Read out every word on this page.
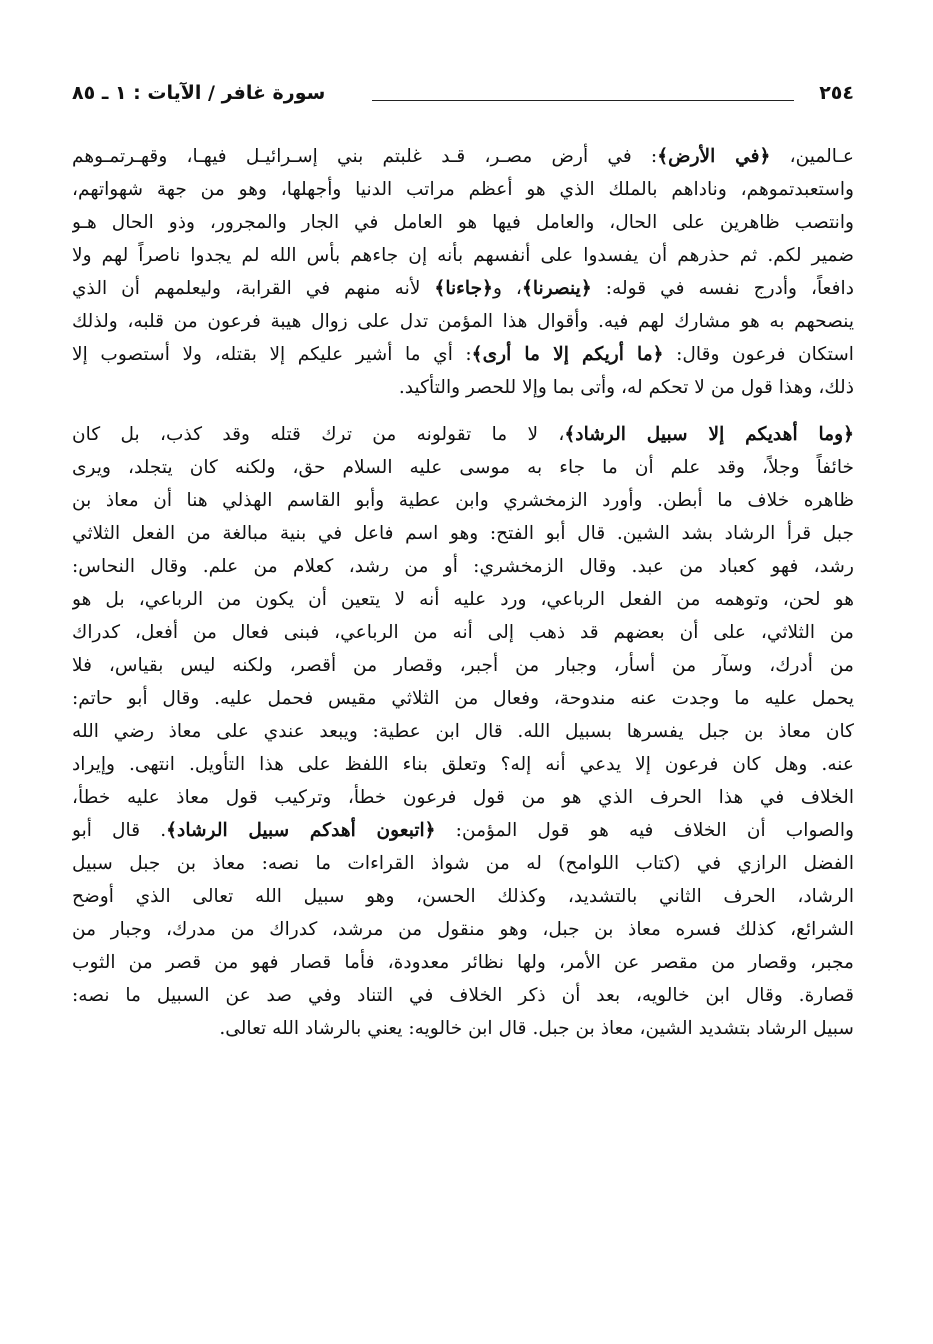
٢٥٤
سورة غافر / الآيات : ١ ـ ٨٥
عـالمين، ﴿في الأرض﴾: في أرض مصـر، قـد غلبتم بني إسـرائيـل فيهـا، وقهـرتمـوهم
واستعبدتموهم، وناداهم بالملك الذي هو أعظم مراتب الدنيا وأجهلها، وهو من جهة شهواتهم،
وانتصب ظاهرين على الحال، والعامل فيها هو العامل في الجار والمجرور، وذو الحال هـو
ضمير لكم. ثم حذرهم أن يفسدوا على أنفسهم بأنه إن جاءهم بأس الله لم يجدوا ناصراً لهم ولا
دافعاً، وأدرج نفسه في قوله: ﴿ينصرنا﴾، و﴿جاءنا﴾ لأنه منهم في القرابة، وليعلمهم أن الذي
ينصحهم به هو مشارك لهم فيه. وأقوال هذا المؤمن تدل على زوال هيبة فرعون من قلبه، ولذلك
استكان فرعون وقال: ﴿ما أريكم إلا ما أرى﴾: أي ما أشير عليكم إلا بقتله، ولا أستصوب إلا
ذلك، وهذا قول من لا تحكم له، وأتى بما وإلا للحصر والتأكيد.
﴿وما أهديكم إلا سبيل الرشاد﴾، لا ما تقولونه من ترك قتله وقد كذب، بل كان
خائفاً وجلاً، وقد علم أن ما جاء به موسى عليه السلام حق، ولكنه كان يتجلد، ويرى
ظاهره خلاف ما أبطن. وأورد الزمخشري وابن عطية وأبو القاسم الهذلي هنا أن معاذ بن
جبل قرأ الرشاد بشد الشين. قال أبو الفتح: وهو اسم فاعل في بنية مبالغة من الفعل الثلاثي
رشد، فهو كعباد من عبد. وقال الزمخشري: أو من رشد، كعلام من علم. وقال النحاس:
هو لحن، وتوهمه من الفعل الرباعي، ورد عليه أنه لا يتعين أن يكون من الرباعي، بل هو
من الثلاثي، على أن بعضهم قد ذهب إلى أنه من الرباعي، فبنى فعال من أفعل، كدراك
من أدرك، وسآر من أسأر، وجبار من أجبر، وقصار من أقصر، ولكنه ليس بقياس، فلا
يحمل عليه ما وجدت عنه مندوحة، وفعال من الثلاثي مقيس فحمل عليه. وقال أبو حاتم:
كان معاذ بن جبل يفسرها بسبيل الله. قال ابن عطية: ويبعد عندي على معاذ رضي الله
عنه. وهل كان فرعون إلا يدعي أنه إله؟ وتعلق بناء اللفظ على هذا التأويل. انتهى. وإيراد
الخلاف في هذا الحرف الذي هو من قول فرعون خطأ، وتركيب قول معاذ عليه خطأ،
والصواب أن الخلاف فيه هو قول المؤمن: ﴿اتبعون أهدكم سبيل الرشاد﴾. قال أبو
الفضل الرازي في (كتاب اللوامح) له من شواذ القراءات ما نصه: معاذ بن جبل سبيل
الرشاد، الحرف الثاني بالتشديد، وكذلك الحسن، وهو سبيل الله تعالى الذي أوضح
الشرائع، كذلك فسره معاذ بن جبل، وهو منقول من مرشد، كدراك من مدرك، وجبار من
مجبر، وقصار من مقصر عن الأمر، ولها نظائر معدودة، فأما قصار فهو من قصر من الثوب
قصارة. وقال ابن خالويه، بعد أن ذكر الخلاف في التناد وفي صد عن السبيل ما نصه:
سبيل الرشاد بتشديد الشين، معاذ بن جبل. قال ابن خالويه: يعني بالرشاد الله تعالى.
